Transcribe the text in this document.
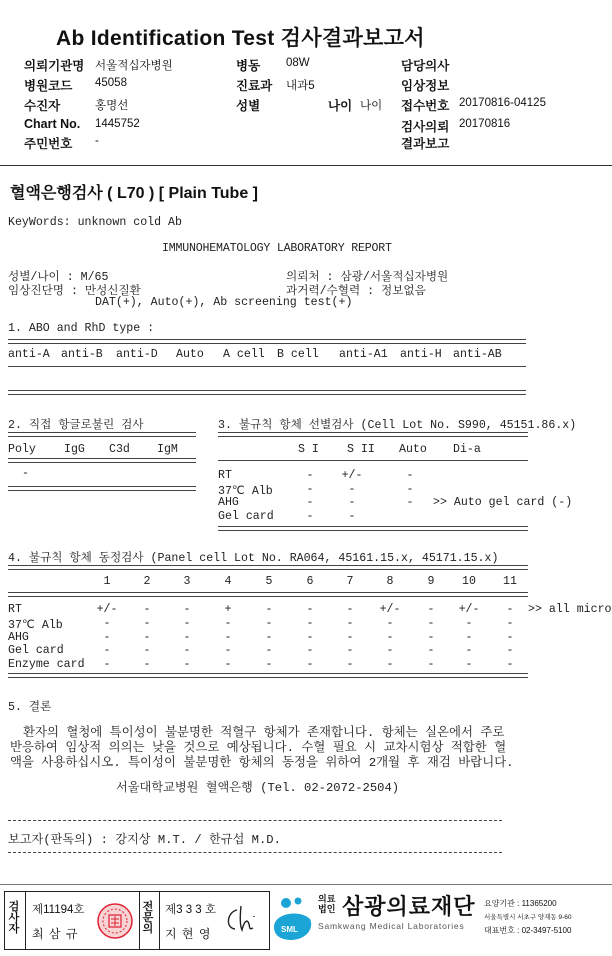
Ab Identification Test 검사결과보고서
의뢰기관명 서울적십자병원
병원코드 45058
수진자	홍명선
Chart No. 1445752
주민번호 -
병동 08W
진료과 내과5
성별	나이 나이
담당의사
임상정보
접수번호 20170816-04125
검사의뢰 20170816
결과보고
혈액은행검사 ( L70 ) [ Plain Tube ]
KeyWords: unknown cold Ab
IMMUNOHEMATOLOGY LABORATORY REPORT
성별/나이 : M/65	의뢰처 : 삼광/서울적십자병원
임상진단명 : 만성신질환	과거력/수혈력 : 정보없음
DAT(+), Auto(+), Ab screening test(+)
1. ABO and RhD type :
anti-A anti-B anti-D Auto A cell B cell anti-A1 anti-H anti-AB
2. 직접 항글로불린 검사
Poly IgG C3d IgM
-
3. 불규칙 항체 선별검사 (Cell Lot No. S990, 45151.86.x)
S I S II Auto Di-a
RT	- +/-	-
37℃ Alb	-	-	-
AHG	-	-	-
Gel card	-	-
>> Auto gel card (-)
4. 불규칙 항체 동정검사 (Panel cell Lot No. RA064, 45161.15.x, 45171.15.x)
1	2	3	4	5	6	7	8	9 10 11
RT	+/- -	-	+	-	-	- +/- - +/- -
37℃ Alb	-	-	-	-	-	-	-	-	-	-	-
AHG	-	-	-	-	-	-	-	-	-	-	-
Gel card	-	-	-	-	-	-	-	-	-	-	-
Enzyme card -	-	-	-	-	-	-	-	-	-	-
>> all micro
5. 결론
환자의 혈청에 특이성이 불분명한 적혈구 항체가 존재합니다. 항체는 실온에서 주로
반응하여 임상적 의의는 낮을 것으로 예상됩니다. 수혈 필요 시 교차시험상 적합한 혈
액을 사용하십시오. 특이성이 불분명한 항체의 동정을 위하여 2개월 후 재검 바랍니다.
서울대학교병원 혈액은행 (Tel. 02-2072-2504)
보고자(판독의) : 강지상 M.T. / 한규섭 M.D.
검
사
자
제11194호
최 삼 규
전
문
의
제3 3 3 호
지 현 영	SML
의료
법인 삼광의료재단
Samkwang Medical Laboratories
요양기관 : 11365200
서울특별시 서초구 양재동 9-60
대표번호 : 02-3497-5100
